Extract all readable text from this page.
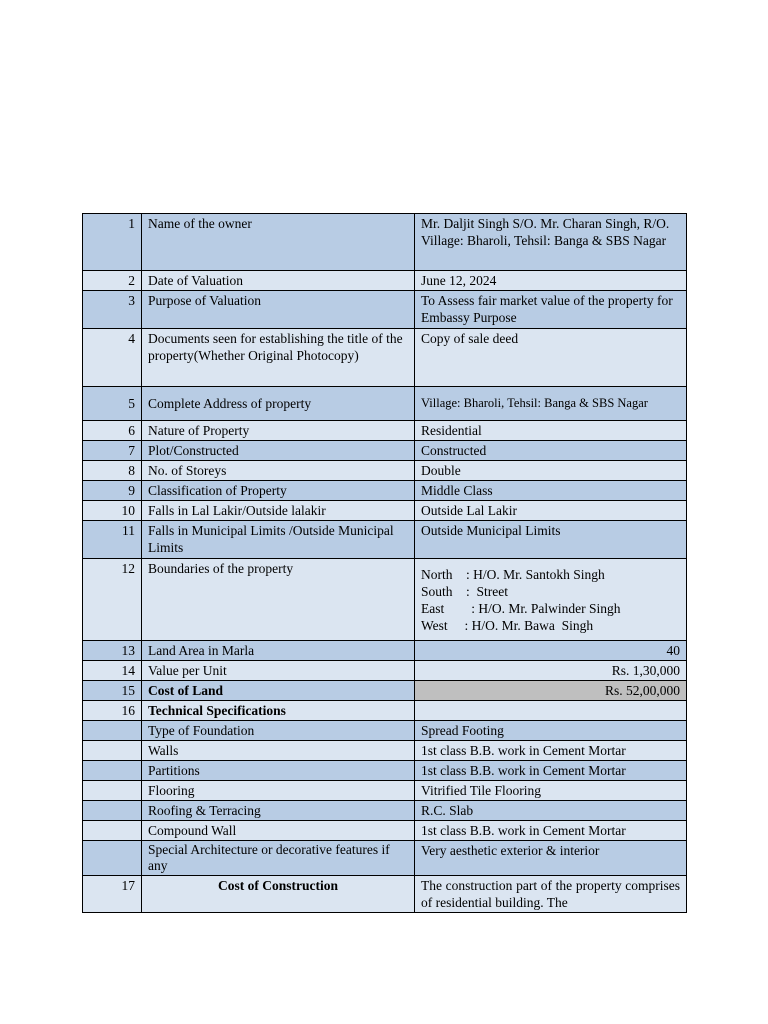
1	Name of the owner	Mr. Daljit Singh S/O. Mr. Charan Singh, R/O. Village: Bharoli, Tehsil: Banga & SBS Nagar
2	Date of Valuation	June 12, 2024
3	Purpose of Valuation	To Assess fair market value of the property for Embassy Purpose
4	Documents seen for establishing the title of the property(Whether Original Photocopy)	Copy of sale deed
5	Complete Address of property	Village: Bharoli, Tehsil: Banga & SBS Nagar
6	Nature of Property	Residential
7	Plot/Constructed	Constructed
8	No. of Storeys	Double
9	Classification of Property	Middle Class
10	Falls in Lal Lakir/Outside lalakir	Outside Lal Lakir
11	Falls in Municipal Limits /Outside Municipal Limits	Outside Municipal Limits
12	Boundaries of the property	North    : H/O. Mr. Santokh Singh
South    :  Street
East        : H/O. Mr. Palwinder Singh
West     : H/O. Mr. Bawa  Singh

13	Land Area in Marla	40
14	Value per Unit	Rs. 1,30,000
15	Cost of Land	Rs. 52,00,000
16	Technical Specifications	
	Type of Foundation	Spread Footing
	Walls	1st class B.B. work in Cement Mortar
	Partitions	1st class B.B. work in Cement Mortar
	Flooring	Vitrified Tile Flooring
	Roofing & Terracing	R.C. Slab
	Compound Wall	1st class B.B. work in Cement Mortar
	Special Architecture or decorative features if any	Very aesthetic exterior & interior
17	Cost of Construction	The construction part of the property comprises of residential building. The
